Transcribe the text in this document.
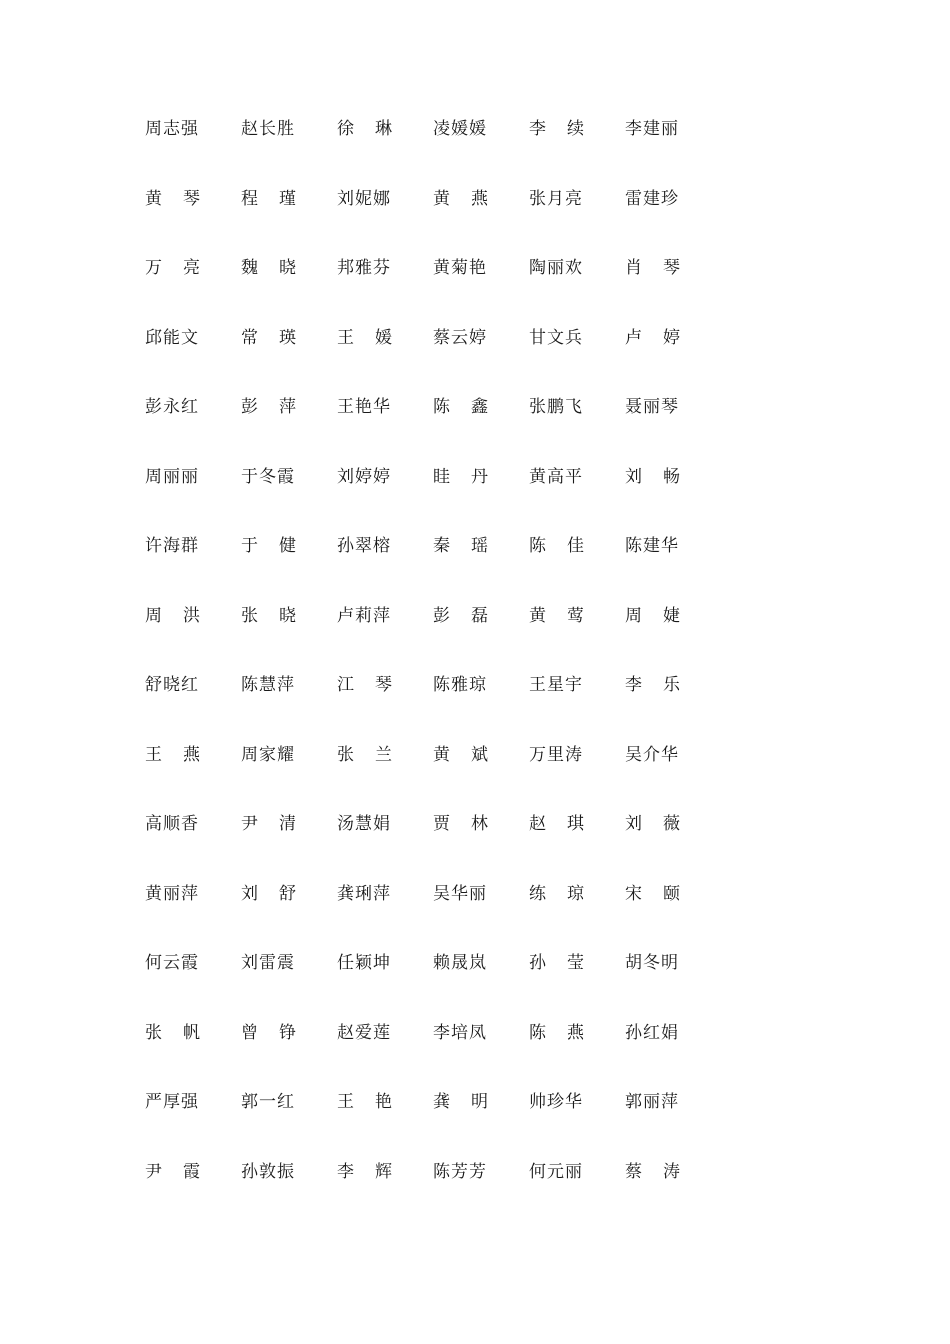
周志强	赵长胜	徐 琳	凌媛媛	李 续	李建丽
黄 琴	程 瑾	刘妮娜	黄 燕	张月亮	雷建珍
万 亮	魏 晓	邦雅芬	黄菊艳	陶丽欢	肖 琴
邱能文	常 瑛	王 媛	蔡云婷	甘文兵	卢 婷
彭永红	彭 萍	王艳华	陈 鑫	张鹏飞	聂丽琴
周丽丽	于冬霞	刘婷婷	眭 丹	黄高平	刘 畅
许海群	于 健	孙翠榕	秦 瑶	陈 佳	陈建华
周 洪	张 晓	卢莉萍	彭 磊	黄 莺	周 婕
舒晓红	陈慧萍	江 琴	陈雅琼	王星宇	李 乐
王 燕	周家耀	张 兰	黄 斌	万里涛	吴介华
高顺香	尹 清	汤慧娟	贾 林	赵 琪	刘 薇
黄丽萍	刘 舒	龚琍萍	吴华丽	练 琼	宋 颐
何云霞	刘雷震	任颖坤	赖晟岚	孙 莹	胡冬明
张 帆	曾 铮	赵爱莲	李培凤	陈 燕	孙红娟
严厚强	郭一红	王 艳	龚 明	帅珍华	郭丽萍
尹 霞	孙敦振	李 辉	陈芳芳	何元丽	蔡 涛
